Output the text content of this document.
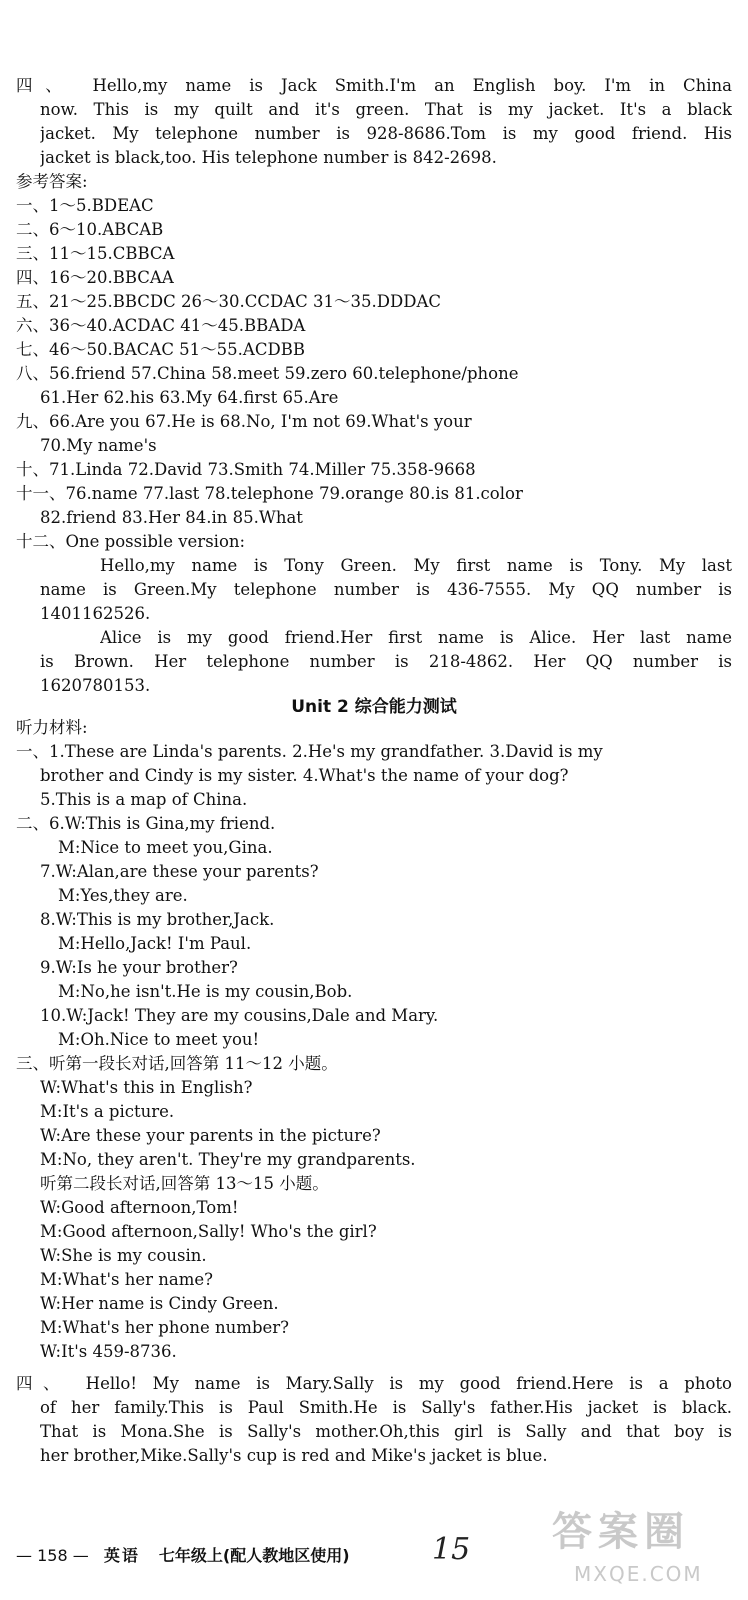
四、 Hello,my name is Jack Smith.I'm an English boy. I'm in China
now. This is my quilt and it's green. That is my jacket. It's a black
jacket. My telephone number is 928-8686.Tom is my good friend. His
jacket is black,too. His telephone number is 842-2698.
参考答案:
一、1～5.BDEAC
二、6～10.ABCAB
三、11～15.CBBCA
四、16～20.BBCAA
五、21～25.BBCDC 26～30.CCDAC 31～35.DDDAC
六、36～40.ACDAC 41～45.BBADA
七、46～50.BACAC 51～55.ACDBB
八、56.friend 57.China 58.meet 59.zero 60.telephone/phone
61.Her 62.his 63.My 64.first 65.Are
九、66.Are you 67.He is 68.No, I'm not 69.What's your
70.My name's
十、71.Linda 72.David 73.Smith 74.Miller 75.358-9668
十一、76.name 77.last 78.telephone 79.orange 80.is 81.color
82.friend 83.Her 84.in 85.What
十二、One possible version:
Hello,my name is Tony Green. My first name is Tony. My last
name is Green.My telephone number is 436-7555. My QQ number is
1401162526.
Alice is my good friend.Her first name is Alice. Her last name
is Brown. Her telephone number is 218-4862. Her QQ number is
1620780153.
听力材料:
一、1.These are Linda's parents. 2.He's my grandfather. 3.David is my
brother and Cindy is my sister. 4.What's the name of your dog?
5.This is a map of China.
二、6.W:This is Gina,my friend.
M:Nice to meet you,Gina.
7.W:Alan,are these your parents?
M:Yes,they are.
8.W:This is my brother,Jack.
M:Hello,Jack! I'm Paul.
9.W:Is he your brother?
M:No,he isn't.He is my cousin,Bob.
10.W:Jack! They are my cousins,Dale and Mary.
M:Oh.Nice to meet you!
三、听第一段长对话,回答第 11～12 小题。
W:What's this in English?
M:It's a picture.
W:Are these your parents in the picture?
M:No, they aren't. They're my grandparents.
听第二段长对话,回答第 13～15 小题。
W:Good afternoon,Tom!
M:Good afternoon,Sally! Who's the girl?
W:She is my cousin.
M:What's her name?
W:Her name is Cindy Green.
M:What's her phone number?
W:It's 459-8736.
四、 Hello! My name is Mary.Sally is my good friend.Here is a photo
of her family.This is Paul Smith.He is Sally's father.His jacket is black.
That is Mona.She is Sally's mother.Oh,this girl is Sally and that boy is
her brother,Mike.Sally's cup is red and Mike's jacket is blue.
Unit 2 综合能力测试
— 158 — 英语 七年级上(配人教地区使用)	15 答案圈
MXQE.COM
